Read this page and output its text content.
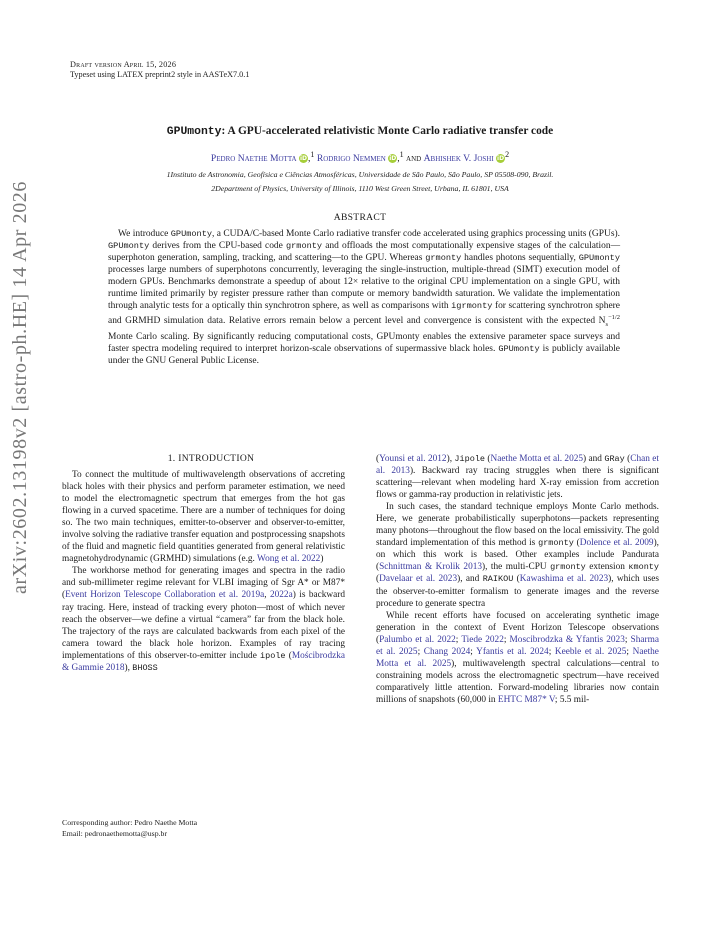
Draft version April 15, 2026
Typeset using LATEX preprint2 style in AASTeX7.0.1
arXiv:2602.13198v2 [astro-ph.HE] 14 Apr 2026
GPUmonty: A GPU-accelerated relativistic Monte Carlo radiative transfer code
Pedro Naethe Motta iD,$^1$ Rodrigo Nemmen iD,$^1$ and Abhishek V. Joshi $iD^2$
1Instituto de Astronomia, Geofísica e Ciências Atmosféricas, Universidade de São Paulo, São Paulo, SP 05508-090, Brazil.
2Department of Physics, University of Illinois, 1110 West Green Street, Urbana, IL 61801, USA
ABSTRACT

We introduce GPUmonty, a CUDA/C-based Monte Carlo radiative transfer code accelerated using graphics processing units (GPUs). GPUmonty derives from the CPU-based code grmonty and offloads the most computationally expensive stages of the calculation—superphoton generation, sampling, tracking, and scattering—to the GPU. Whereas grmonty handles photons sequentially, GPUmonty processes large numbers of superphotons concurrently, leveraging the single-instruction, multiple-thread (SIMT) execution model of modern GPUs. Benchmarks demonstrate a speedup of about 12× relative to the original CPU implementation on a single GPU, with runtime limited primarily by register pressure rather than compute or memory bandwidth saturation. We validate the implementation through analytic tests for a optically thin synchrotron sphere, as well as comparisons with igrmonty for scattering synchrotron sphere and GRMHD simulation data. Relative errors remain below a percent level and convergence is consistent with the expected $N_s^{-1/2}$ Monte Carlo scaling. By significantly reducing computational costs, GPUmonty enables the extensive parameter space surveys and faster spectra modeling required to interpret horizon-scale observations of supermassive black holes. GPUmonty is publicly available under the GNU General Public License.

1. INTRODUCTION

To connect the multitude of multiwavelength observations of accreting black holes with their physics and perform parameter estimation, we need to model the electromagnetic spectrum that emerges from the hot gas flowing in a curved spacetime. There are a number of techniques for doing so. The two main techniques, emitter-to-observer and observer-to-emitter, involve solving the radiative transfer equation and postprocessing snapshots of the fluid and magnetic field quantities generated from general relativistic magnetohydrodynamic (GRMHD) simulations (e.g. Wong et al. 2022)

The workhorse method for generating images and spectra in the radio and sub-millimeter regime relevant for VLBI imaging of Sgr A* or M87* (Event Horizon Telescope Collaboration et al. 2019a, 2022a) is backward ray tracing. Here, instead of tracking every photon—most of which never reach the observer—we define a virtual “camera” far from the black hole. The trajectory of the rays are calculated backwards from each pixel of the camera toward the black hole horizon. Examples of ray tracing implementations of this observer-to-emitter include ipole (Mościbrodzka & Gammie 2018), BHOSS

(Younsi et al. 2012), Jipole (Naethe Motta et al. 2025) and GRay (Chan et al. 2013). Backward ray tracing struggles when there is significant scattering—relevant when modeling hard X-ray emission from accretion flows or gamma-ray production in relativistic jets.

In such cases, the standard technique employs Monte Carlo methods. Here, we generate probabilistically superphotons—packets representing many photons—throughout the flow based on the local emissivity. The gold standard implementation of this method is grmonty (Dolence et al. 2009), on which this work is based. Other examples include Pandurata (Schnittman & Krolik 2013), the multi-CPU grmonty extension κmonty (Davelaar et al. 2023), and RAIKOU (Kawashima et al. 2023), which uses the observer-to-emitter formalism to generate images and the reverse procedure to generate spectra

While recent efforts have focused on accelerating synthetic image generation in the context of Event Horizon Telescope observations (Palumbo et al. 2022; Tiede 2022; Moscibrodzka & Yfantis 2023; Sharma et al. 2025; Chang 2024; Yfantis et al. 2024; Keeble et al. 2025; Naethe Motta et al. 2025), multiwavelength spectral calculations—central to constraining models across the electromagnetic spectrum—have received comparatively little attention. Forward-modeling libraries now contain millions of snapshots (60,000 in EHTC M87* V; 5.5 mil-

Corresponding author: Pedro Naethe Motta
Email: pedronaethemotta@usp.br
